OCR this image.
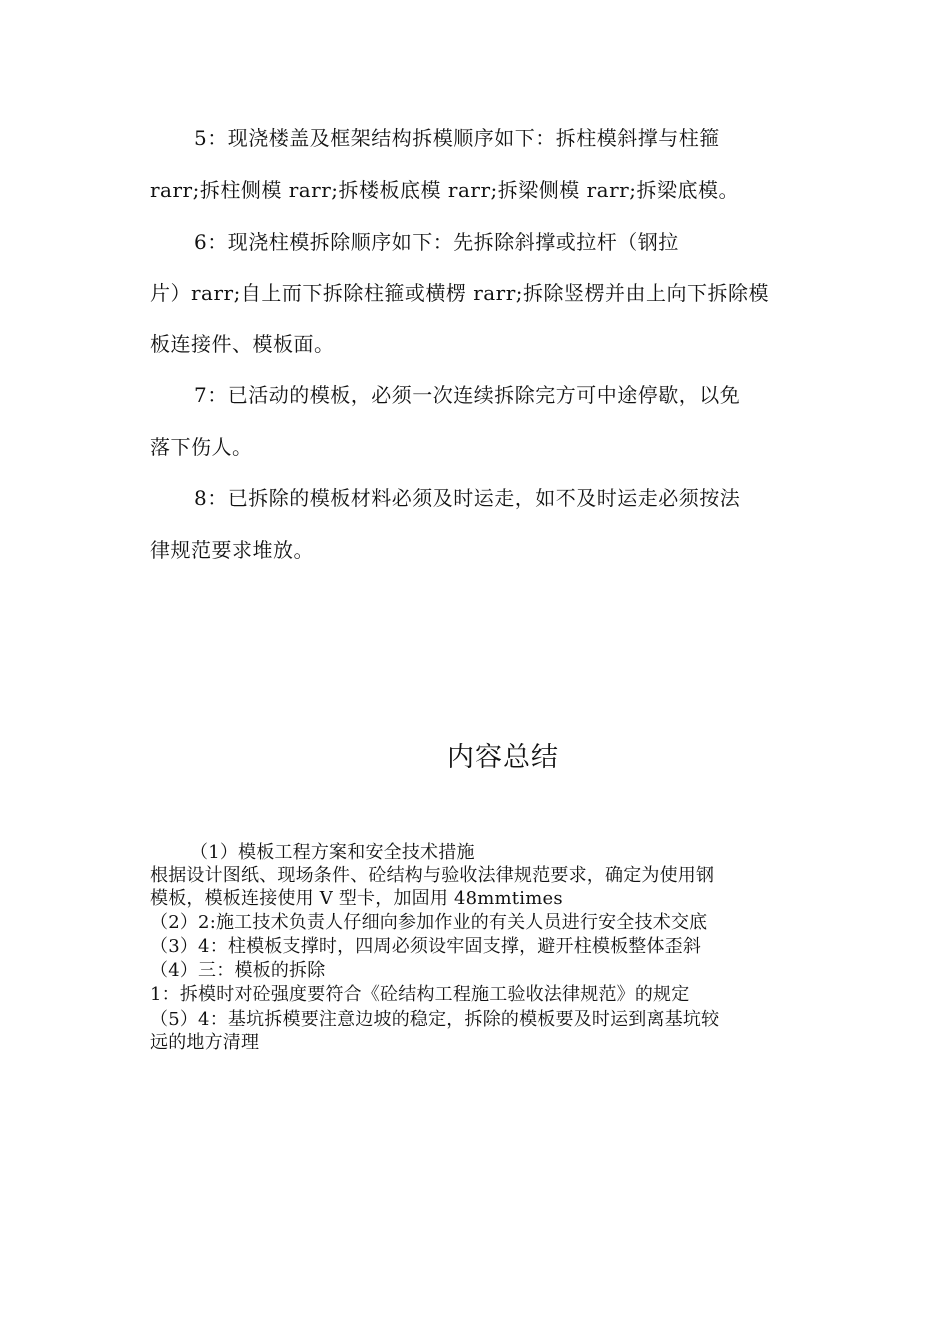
5：现浇楼盖及框架结构拆模顺序如下：拆柱模斜撑与柱箍
rarr;拆柱侧模 rarr;拆楼板底模 rarr;拆梁侧模 rarr;拆梁底模。
6：现浇柱模拆除顺序如下：先拆除斜撑或拉杆（钢拉
片）rarr;自上而下拆除柱箍或横楞 rarr;拆除竖楞并由上向下拆除模
板连接件、模板面。
7：已活动的模板，必须一次连续拆除完方可中途停歇，以免
落下伤人。
8：已拆除的模板材料必须及时运走，如不及时运走必须按法
律规范要求堆放。
内容总结
（1）模板工程方案和安全技术措施
根据设计图纸、现场条件、砼结构与验收法律规范要求，确定为使用钢
模板，模板连接使用 V 型卡，加固用 48mmtimes
（2）2:施工技术负责人仔细向参加作业的有关人员进行安全技术交底
（3）4：柱模板支撑时，四周必须设牢固支撑，避开柱模板整体歪斜
（4）三：模板的拆除
1：拆模时对砼强度要符合《砼结构工程施工验收法律规范》的规定
（5）4：基坑拆模要注意边坡的稳定，拆除的模板要及时运到离基坑较
远的地方清理
